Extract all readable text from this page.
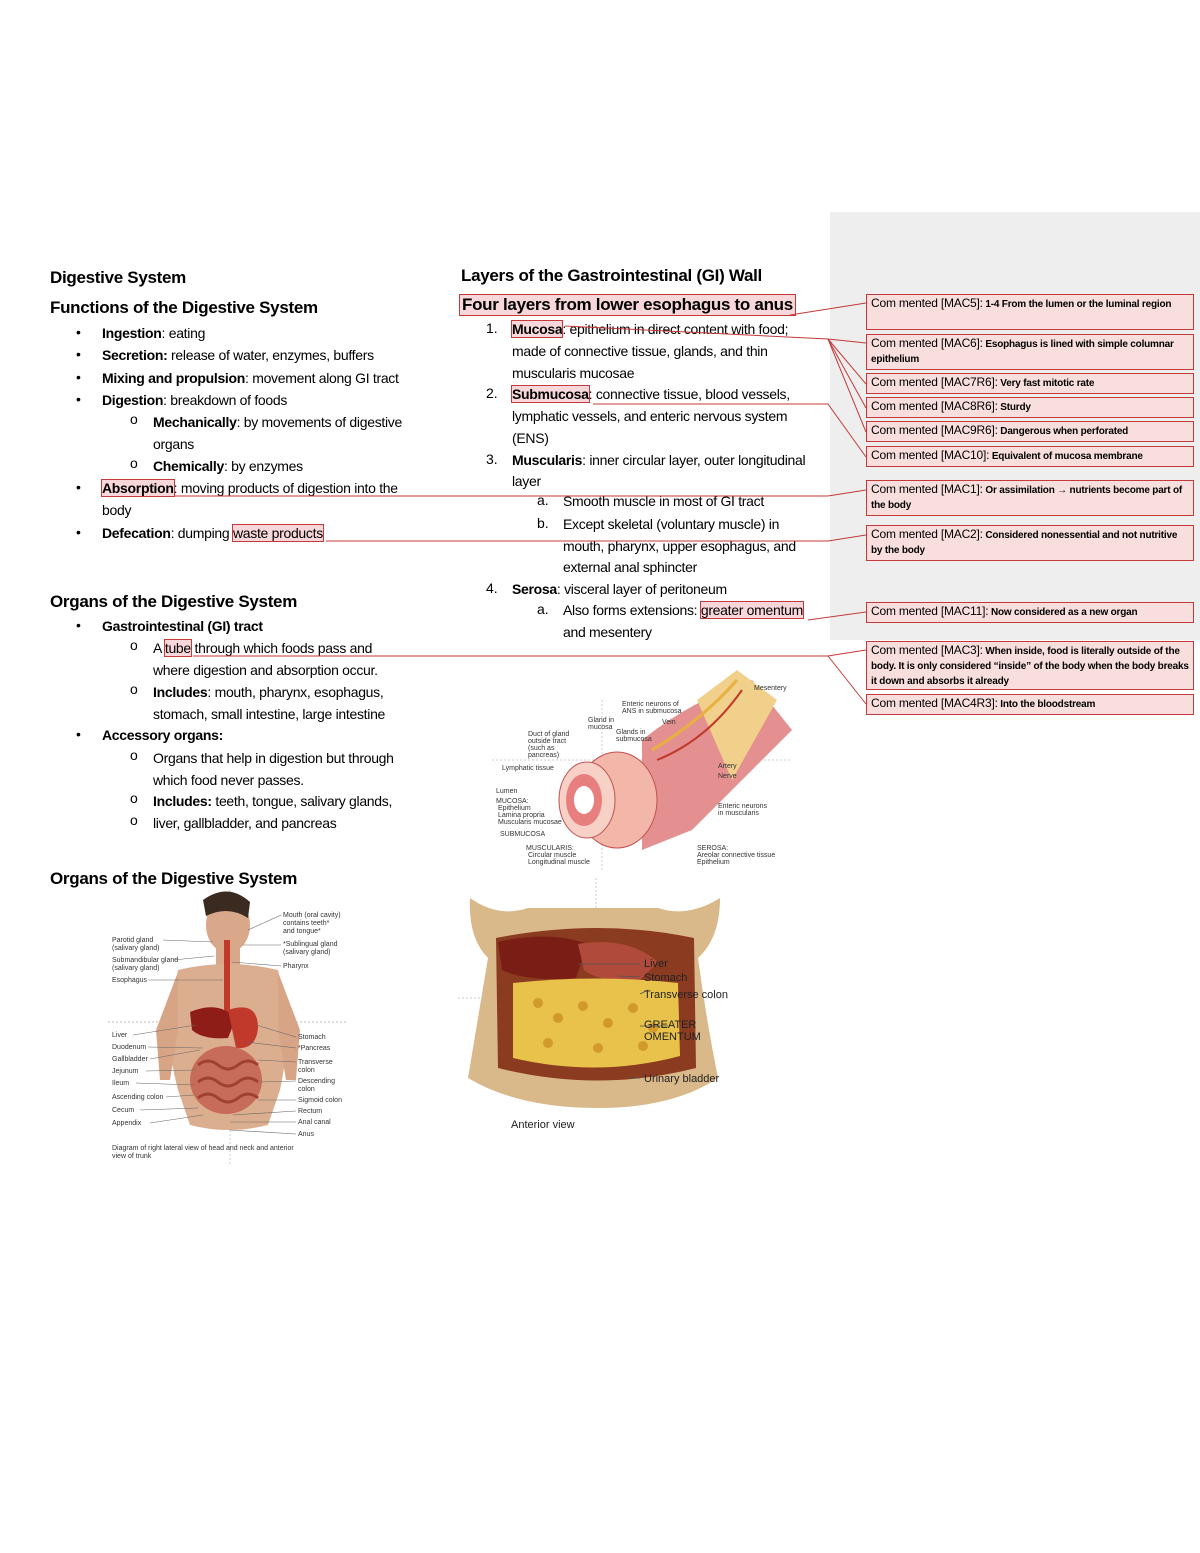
Digestive System
Functions of the Digestive System
• Ingestion: eating
• Secretion: release of water, enzymes, buffers
• Mixing and propulsion: movement along GI tract
• Digestion: breakdown of foods
o Mechanically: by movements of digestive
organs
o Chemically: by enzymes
• Absorption: moving products of digestion into the
body
• Defecation: dumping waste products
Organs of the Digestive System
• Gastrointestinal (GI) tract
o A tube through which foods pass and
where digestion and absorption occur.
o Includes: mouth, pharynx, esophagus,
stomach, small intestine, large intestine
• Accessory organs:
o Organs that help in digestion but through
which food never passes.
o Includes: teeth, tongue, salivary glands,
o liver, gallbladder, and pancreas
Organs of the Digestive System
Parotid gland
(salivary gland)
Submandibular gland
(salivary gland)
Esophagus
Liver
Duodenum
Gallbladder
Jejunum
Ileum
Ascending colon
Cecum
Appendix
Mouth (oral cavity)
contains teeth*
and tongue*
*Sublingual gland
(salivary gland)
Pharynx
Stomach
*Pancreas
Transverse
colon
Descending
colon
Sigmoid colon
Rectum
Anal canal
Anus
Diagram of right lateral view of head and neck and anterior
view of trunk
Layers of the Gastrointestinal (GI) Wall
Four layers from lower esophagus to anus
1. Mucosa: epithelium in direct content with food;
made of connective tissue, glands, and thin
muscularis mucosae
2. Submucosa: connective tissue, blood vessels,
lymphatic vessels, and enteric nervous system
(ENS)
3. Muscularis: inner circular layer, outer longitudinal
layer
a. Smooth muscle in most of GI tract
b. Except skeletal (voluntary muscle) in
mouth, pharynx, upper esophagus, and
external anal sphincter
4. Serosa: visceral layer of peritoneum
a. Also forms extensions: greater omentum
and mesentery
Duct of gland
outside tract
(such as
pancreas)
Lymphatic tissue
Lumen
MUCOSA:
Epithelium
Lamina propria
Muscularis mucosae
SUBMUCOSA
MUSCULARIS:
Circular muscle
Longitudinal muscle
Gland in
mucosa
Enteric neurons of
ANS in submucosa
Glands in
submucosa
Vein
Mesentery
Artery
Nerve
Enteric neurons
in muscularis
SEROSA:
Areolar connective tissue
Epithelium
Liver
Stomach
Transverse colon
GREATER
OMENTUM
Urinary bladder
Anterior view
Com mented [MAC5]: 1-4 From the lumen or the luminal region
Com mented [MAC6]: Esophagus is lined with simple columnar epithelium
Com mented [MAC7R6]: Very fast mitotic rate
Com mented [MAC8R6]: Sturdy
Com mented [MAC9R6]: Dangerous when perforated
Com mented [MAC10]: Equivalent of mucosa membrane
Com mented [MAC1]: Or assimilation → nutrients become part of the body
Com mented [MAC2]: Considered nonessential and not nutritive by the body
Com mented [MAC11]: Now considered as a new organ
Com mented [MAC3]: When inside, food is literally outside of the body. It is only considered “inside” of the body when the body breaks it down and absorbs it already
Com mented [MAC4R3]: Into the bloodstream
